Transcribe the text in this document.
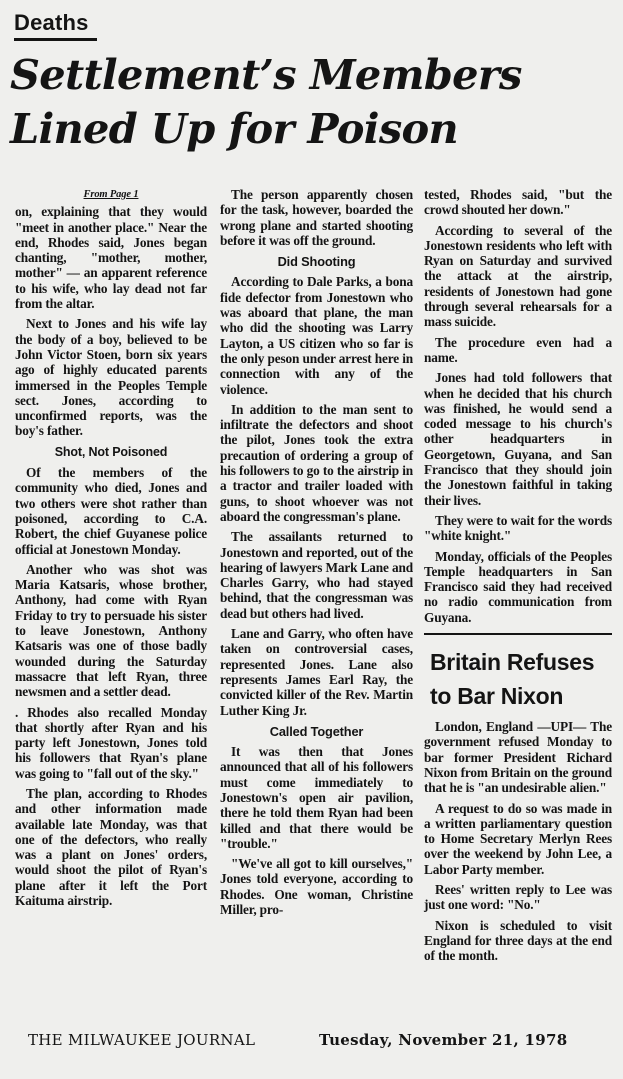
Deaths
Settlement’s Members
Lined Up for Poison
From Page 1

on, explaining that they would "meet in another place." Near the end, Rhodes said, Jones began chanting, "mother, mother, mother" — an apparent reference to his wife, who lay dead not far from the altar.

Next to Jones and his wife lay the body of a boy, believed to be John Victor Stoen, born six years ago of highly educated parents immersed in the Peoples Temple sect. Jones, according to unconfirmed reports, was the boy's father.

Shot, Not Poisoned

Of the members of the community who died, Jones and two others were shot rather than poisoned, according to C.A. Robert, the chief Guyanese police official at Jonestown Monday.

Another who was shot was Maria Katsaris, whose brother, Anthony, had come with Ryan Friday to try to persuade his sister to leave Jonestown, Anthony Katsaris was one of those badly wounded during the Saturday massacre that left Ryan, three newsmen and a settler dead.

. Rhodes also recalled Monday that shortly after Ryan and his party left Jonestown, Jones told his followers that Ryan's plane was going to "fall out of the sky."

The plan, according to Rhodes and other information made available late Monday, was that one of the defectors, who really was a plant on Jones' orders, would shoot the pilot of Ryan's plane after it left the Port Kaituma airstrip.

The person apparently chosen for the task, however, boarded the wrong plane and started shooting before it was off the ground.

Did Shooting

According to Dale Parks, a bona fide defector from Jonestown who was aboard that plane, the man who did the shooting was Larry Layton, a US citizen who so far is the only peson under arrest here in connection with any of the violence.

In addition to the man sent to infiltrate the defectors and shoot the pilot, Jones took the extra precaution of ordering a group of his followers to go to the airstrip in a tractor and trailer loaded with guns, to shoot whoever was not aboard the congressman's plane.

The assailants returned to Jonestown and reported, out of the hearing of lawyers Mark Lane and Charles Garry, who had stayed behind, that the congressman was dead but others had lived.

Lane and Garry, who often have taken on controversial cases, represented Jones. Lane also represents James Earl Ray, the convicted killer of the Rev. Martin Luther King Jr.

Called Together

It was then that Jones announced that all of his followers must come immediately to Jonestown's open air pavilion, there he told them Ryan had been killed and that there would be "trouble."

"We've all got to kill ourselves," Jones told everyone, according to Rhodes. One woman, Christine Miller, pro-

tested, Rhodes said, "but the crowd shouted her down."

According to several of the Jonestown residents who left with Ryan on Saturday and survived the attack at the airstrip, residents of Jonestown had gone through several rehearsals for a mass suicide.

The procedure even had a name.

Jones had told followers that when he decided that his church was finished, he would send a coded message to his church's other headquarters in Georgetown, Guyana, and San Francisco that they should join the Jonestown faithful in taking their lives.

They were to wait for the words "white knight."

Monday, officials of the Peoples Temple headquarters in San Francisco said they had received no radio communication from Guyana.

Britain Refuses
to Bar Nixon

London, England —UPI— The government refused Monday to bar former President Richard Nixon from Britain on the ground that he is "an undesirable alien."

A request to do so was made in a written parliamentary question to Home Secretary Merlyn Rees over the weekend by John Lee, a Labor Party member.

Rees' written reply to Lee was just one word: "No."

Nixon is scheduled to visit England for three days at the end of the month.

THE MILWAUKEE JOURNAL	Tuesday, November 21, 1978
